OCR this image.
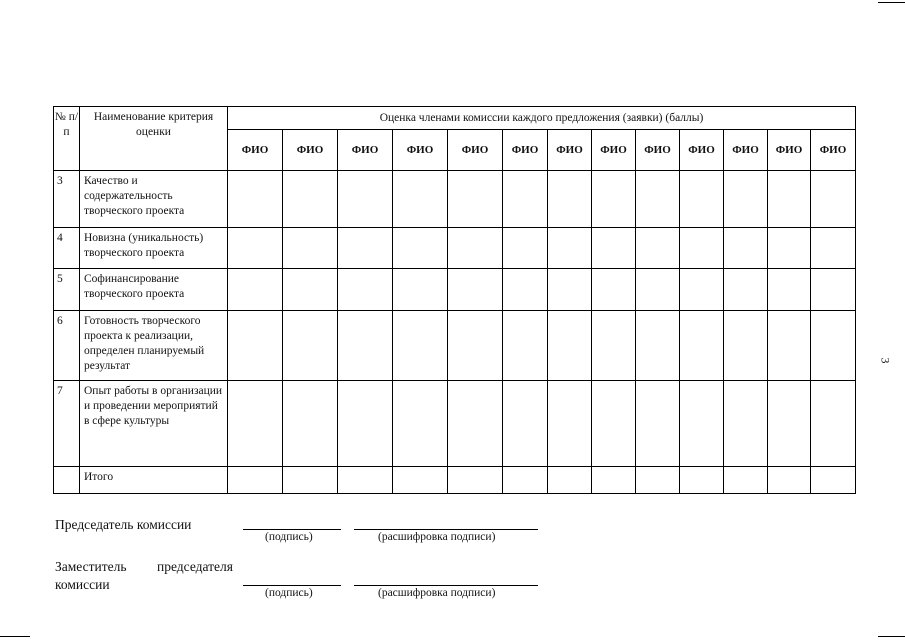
№ п/п	Наименование критерия оценки	Оценка членами комиссии каждого предложения (заявки) (баллы)												
		ФИО	ФИО	ФИО	ФИО	ФИО	ФИО	ФИО	ФИО	ФИО	ФИО	ФИО	ФИО	ФИО
3	Качество и содержательность творческого проекта													
4	Новизна (уникальность) творческого проекта													
5	Софинансирование творческого проекта													
6	Готовность творческого проекта к реализации, определен планируемый результат													
7	Опыт работы в организации и проведении мероприятий в сфере культуры													
	Итого													
3
Председатель комиссии
(подпись)	(расшифровка подписи)
Заместитель председателя комиссии
(подпись)	(расшифровка подписи)
